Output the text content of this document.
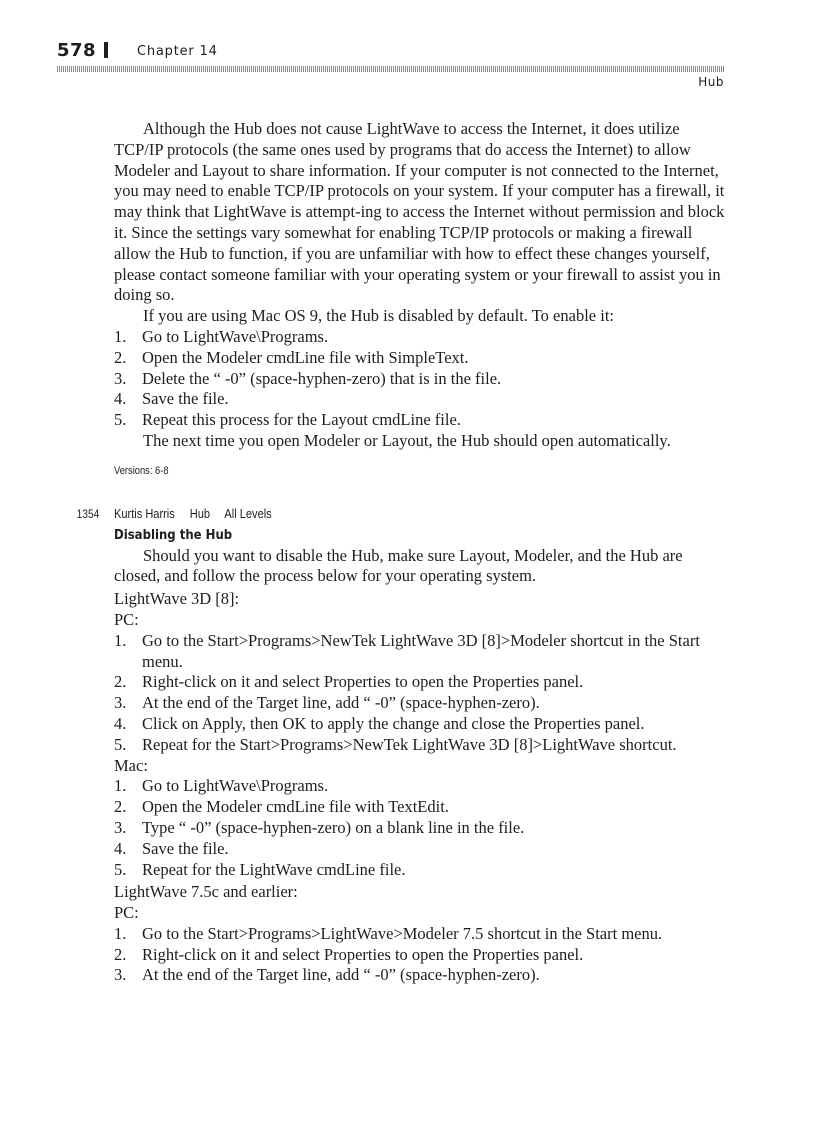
578	Chapter 14
Hub

Although the Hub does not cause LightWave to access the Internet, it does utilize TCP/IP protocols (the same ones used by programs that do access the Internet) to allow Modeler and Layout to share information. If your computer is not connected to the Internet, you may need to enable TCP/IP protocols on your system. If your computer has a firewall, it may think that LightWave is attempt-ing to access the Internet without permission and block it. Since the settings vary somewhat for enabling TCP/IP protocols or making a firewall allow the Hub to function, if you are unfamiliar with how to effect these changes yourself, please contact someone familiar with your operating system or your firewall to assist you in doing so.

If you are using Mac OS 9, the Hub is disabled by default. To enable it:

1. Go to LightWave\Programs.
2. Open the Modeler cmdLine file with SimpleText.
3. Delete the “ -0” (space-hyphen-zero) that is in the file.
4. Save the file.
5. Repeat this process for the Layout cmdLine file.

The next time you open Modeler or Layout, the Hub should open automatically.

Versions: 6-8
1354 Kurtis Harris Hub All Levels
Disabling the Hub

Should you want to disable the Hub, make sure Layout, Modeler, and the Hub are closed, and follow the process below for your operating system.

LightWave 3D [8]:

PC:

1. Go to the Start>Programs>NewTek LightWave 3D [8]>Modeler shortcut in the Start menu.
2. Right-click on it and select Properties to open the Properties panel.
3. At the end of the Target line, add “ -0” (space-hyphen-zero).
4. Click on Apply, then OK to apply the change and close the Properties panel.
5. Repeat for the Start>Programs>NewTek LightWave 3D [8]>LightWave shortcut.

Mac:

1. Go to LightWave\Programs.
2. Open the Modeler cmdLine file with TextEdit.
3. Type “ -0” (space-hyphen-zero) on a blank line in the file.
4. Save the file.
5. Repeat for the LightWave cmdLine file.

LightWave 7.5c and earlier:

PC:

1. Go to the Start>Programs>LightWave>Modeler 7.5 shortcut in the Start menu.
2. Right-click on it and select Properties to open the Properties panel.
3. At the end of the Target line, add “ -0” (space-hyphen-zero).
